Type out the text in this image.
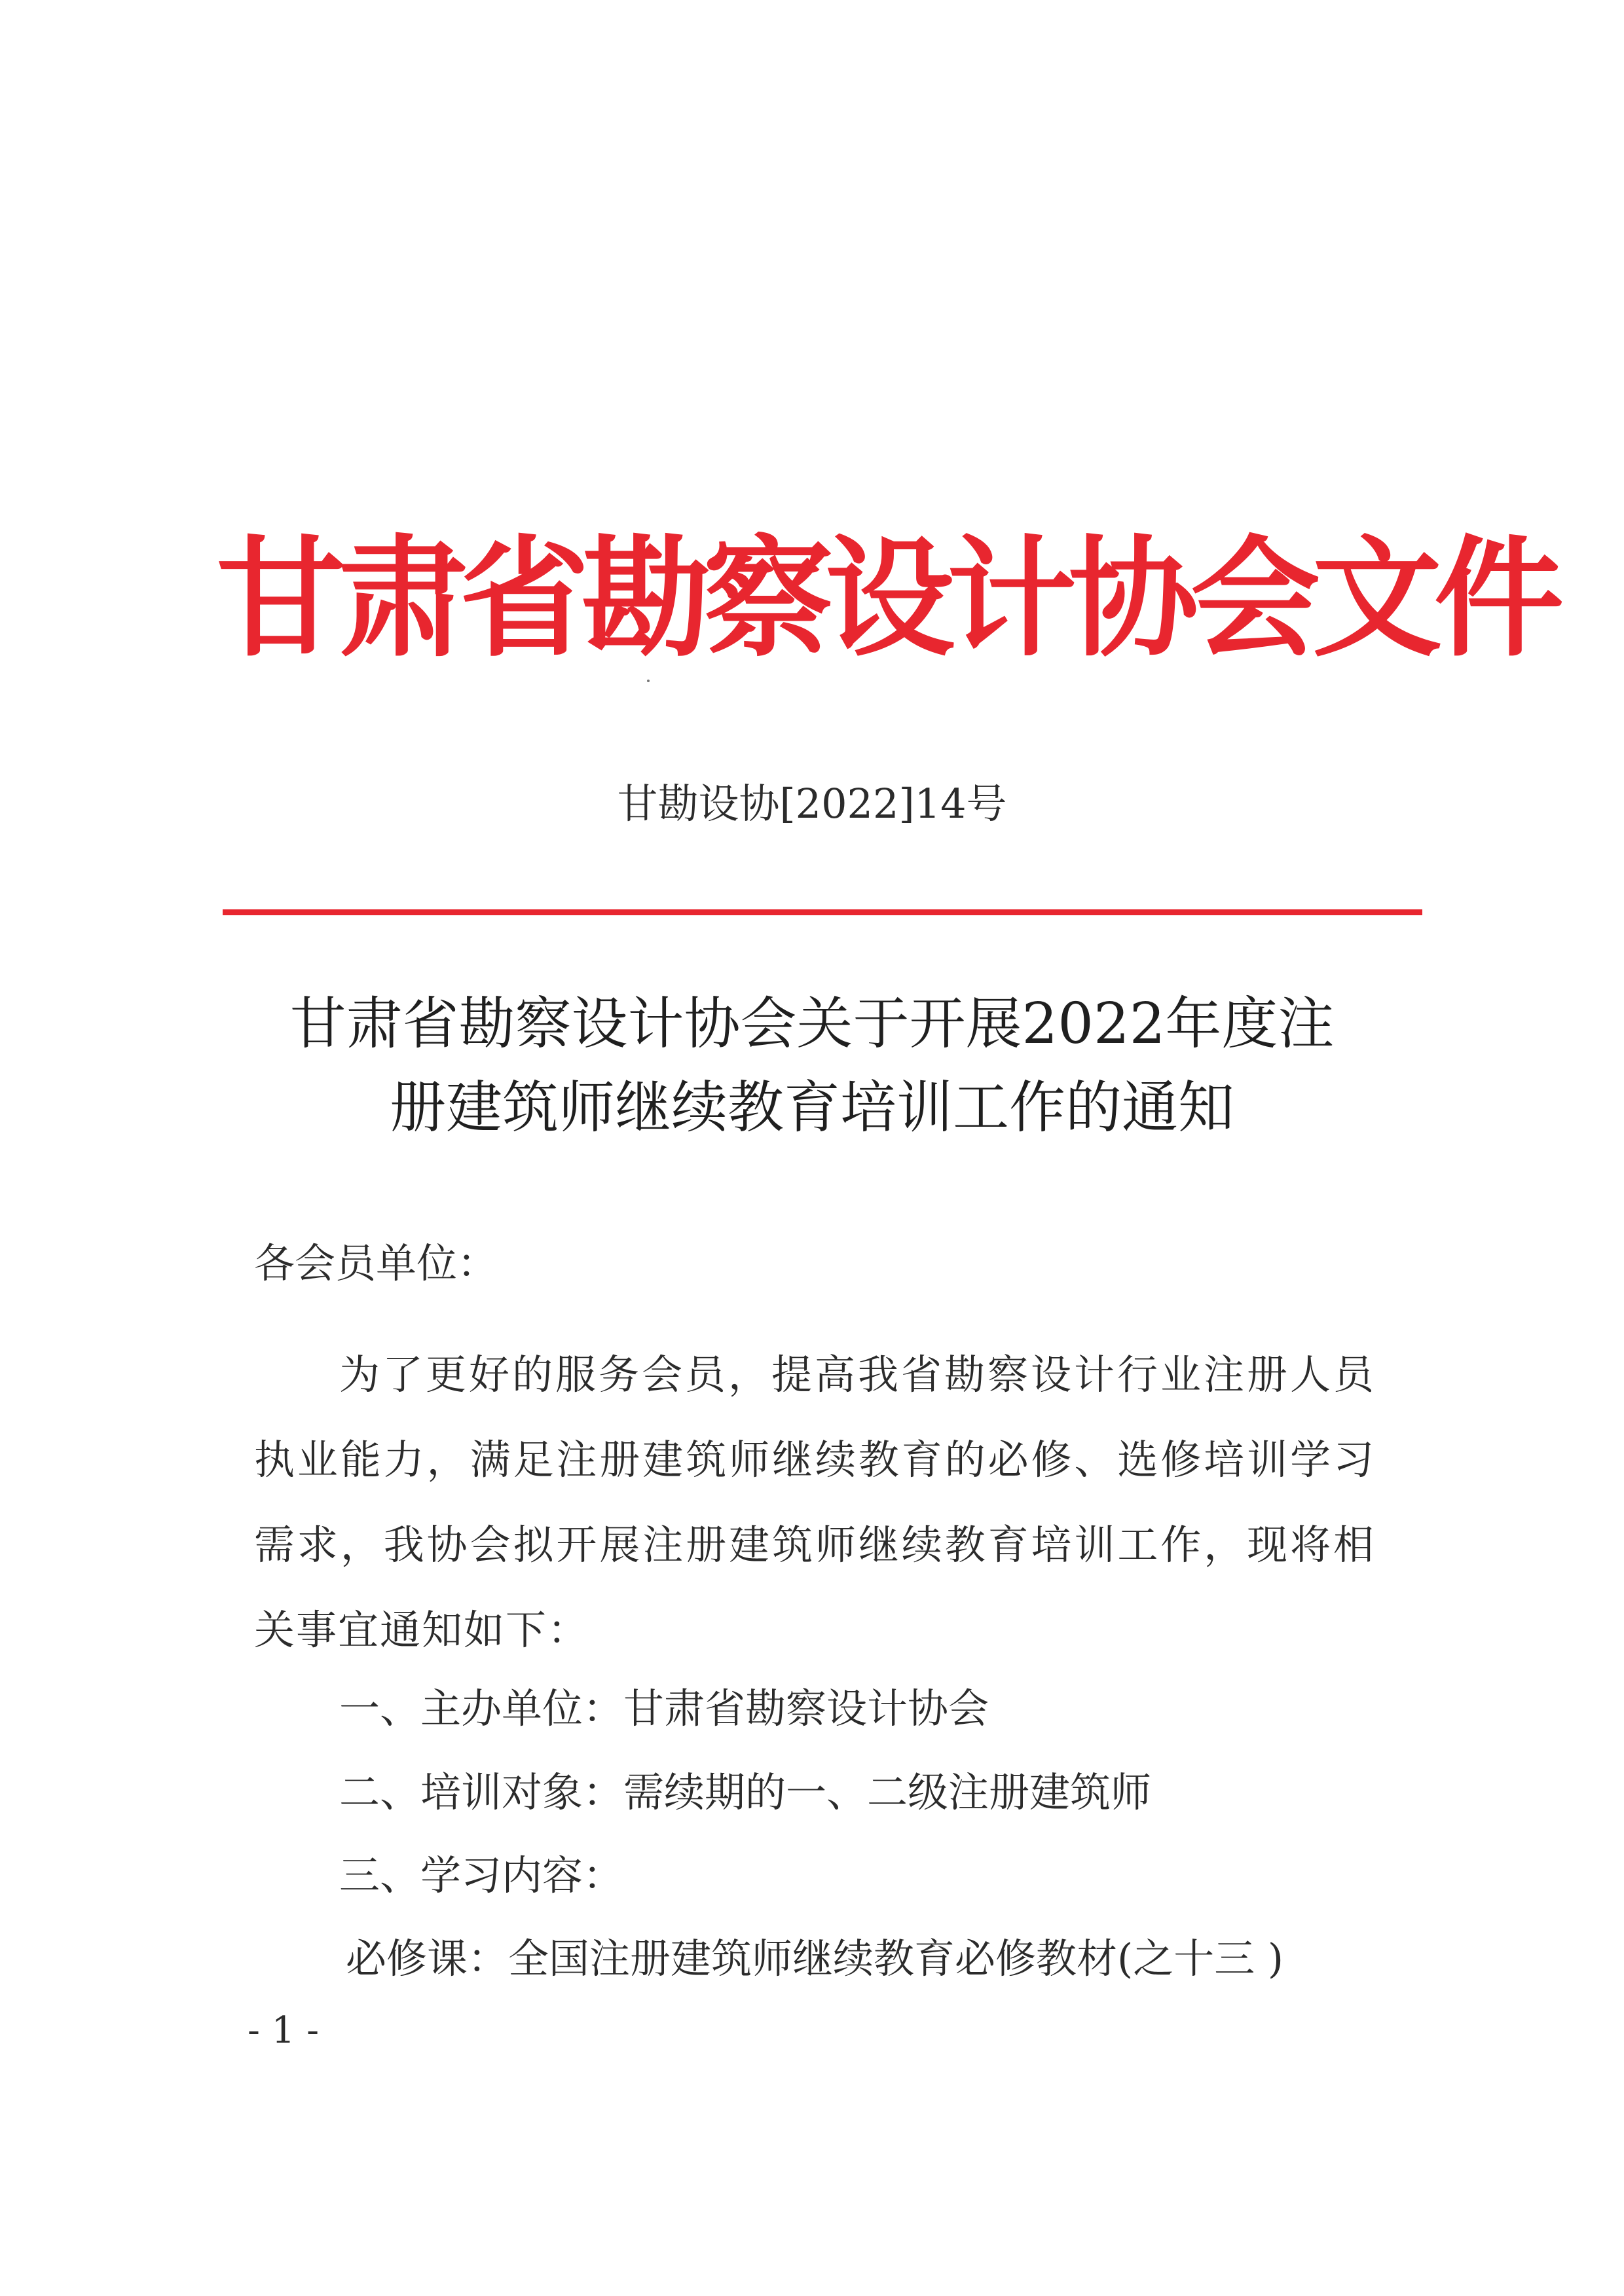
甘肃省勘察设计协会文件
甘勘设协[2022]14号
甘肃省勘察设计协会关于开展2022年度注
册建筑师继续教育培训工作的通知
各会员单位：
为了更好的服务会员，提高我省勘察设计行业注册人员执业能力，满足注册建筑师继续教育的必修、选修培训学习需求，我协会拟开展注册建筑师继续教育培训工作，现将相关事宜通知如下：
一、主办单位：甘肃省勘察设计协会
二、培训对象：需续期的一、二级注册建筑师
三、学习内容：
必修课：全国注册建筑师继续教育必修教材(之十三 )
- 1 -
